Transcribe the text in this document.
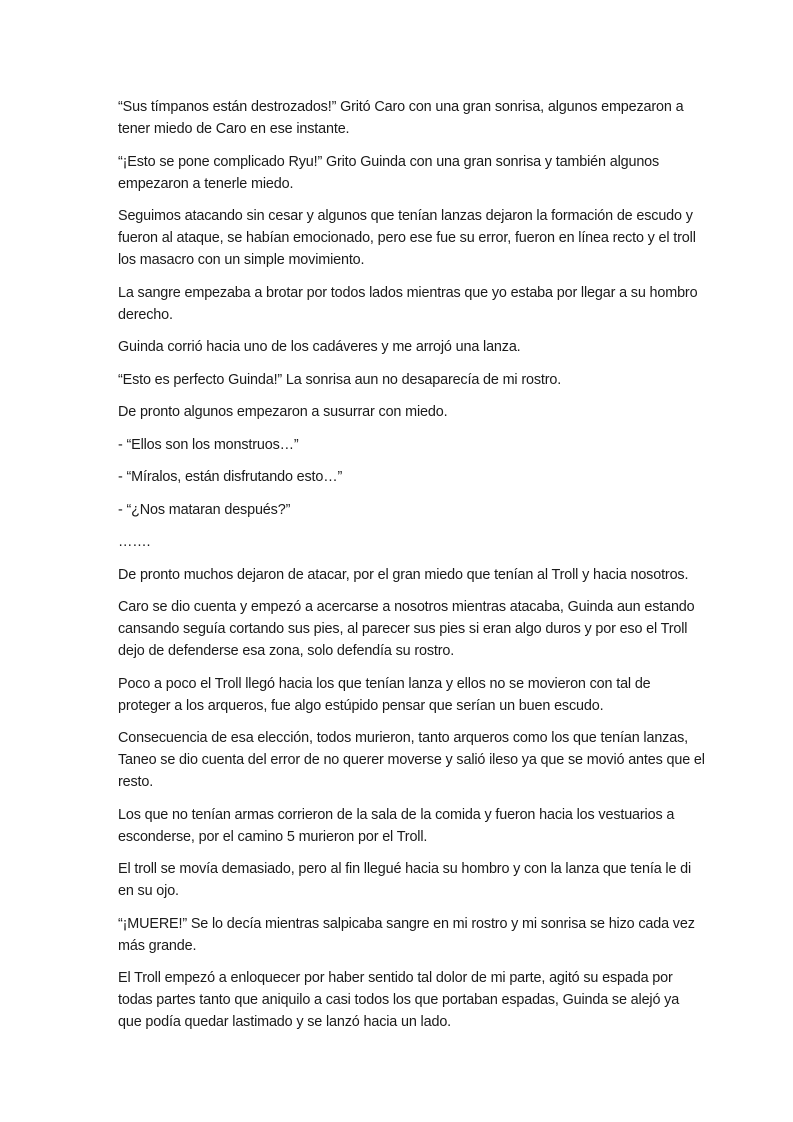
“Sus tímpanos están destrozados!” Gritó Caro con una gran sonrisa, algunos empezaron a tener miedo de Caro en ese instante.

“¡Esto se pone complicado Ryu!” Grito Guinda con una gran sonrisa y también algunos empezaron a tenerle miedo.

Seguimos atacando sin cesar y algunos que tenían lanzas dejaron la formación de escudo y fueron al ataque, se habían emocionado, pero ese fue su error, fueron en línea recto y el troll los masacro con un simple movimiento.

La sangre empezaba a brotar por todos lados mientras que yo estaba por llegar a su hombro derecho.

Guinda corrió hacia uno de los cadáveres y me arrojó una lanza.

“Esto es perfecto Guinda!” La sonrisa aun no desaparecía de mi rostro.

De pronto algunos empezaron a susurrar con miedo.

- “Ellos son los monstruos…”

- “Míralos, están disfrutando esto…”

- “¿Nos mataran después?”

…….

De pronto muchos dejaron de atacar, por el gran miedo que tenían al Troll y hacia nosotros.

Caro se dio cuenta y empezó a acercarse a nosotros mientras atacaba, Guinda aun estando cansando seguía cortando sus pies, al parecer sus pies si eran algo duros y por eso el Troll dejo de defenderse esa zona, solo defendía su rostro.

Poco a poco el Troll llegó hacia los que tenían lanza y ellos no se movieron con tal de proteger a los arqueros, fue algo estúpido pensar que serían un buen escudo.

Consecuencia de esa elección, todos murieron, tanto arqueros como los que tenían lanzas, Taneo se dio cuenta del error de no querer moverse y salió ileso ya que se movió antes que el resto.

Los que no tenían armas corrieron de la sala de la comida y fueron hacia los vestuarios a esconderse, por el camino 5 murieron por el Troll.

El troll se movía demasiado, pero al fin llegué hacia su hombro y con la lanza que tenía le di en su ojo.

“¡MUERE!” Se lo decía mientras salpicaba sangre en mi rostro y mi sonrisa se hizo cada vez más grande.

El Troll empezó a enloquecer por haber sentido tal dolor de mi parte, agitó su espada por todas partes tanto que aniquilo a casi todos los que portaban espadas, Guinda se alejó ya que podía quedar lastimado y se lanzó hacia un lado.
